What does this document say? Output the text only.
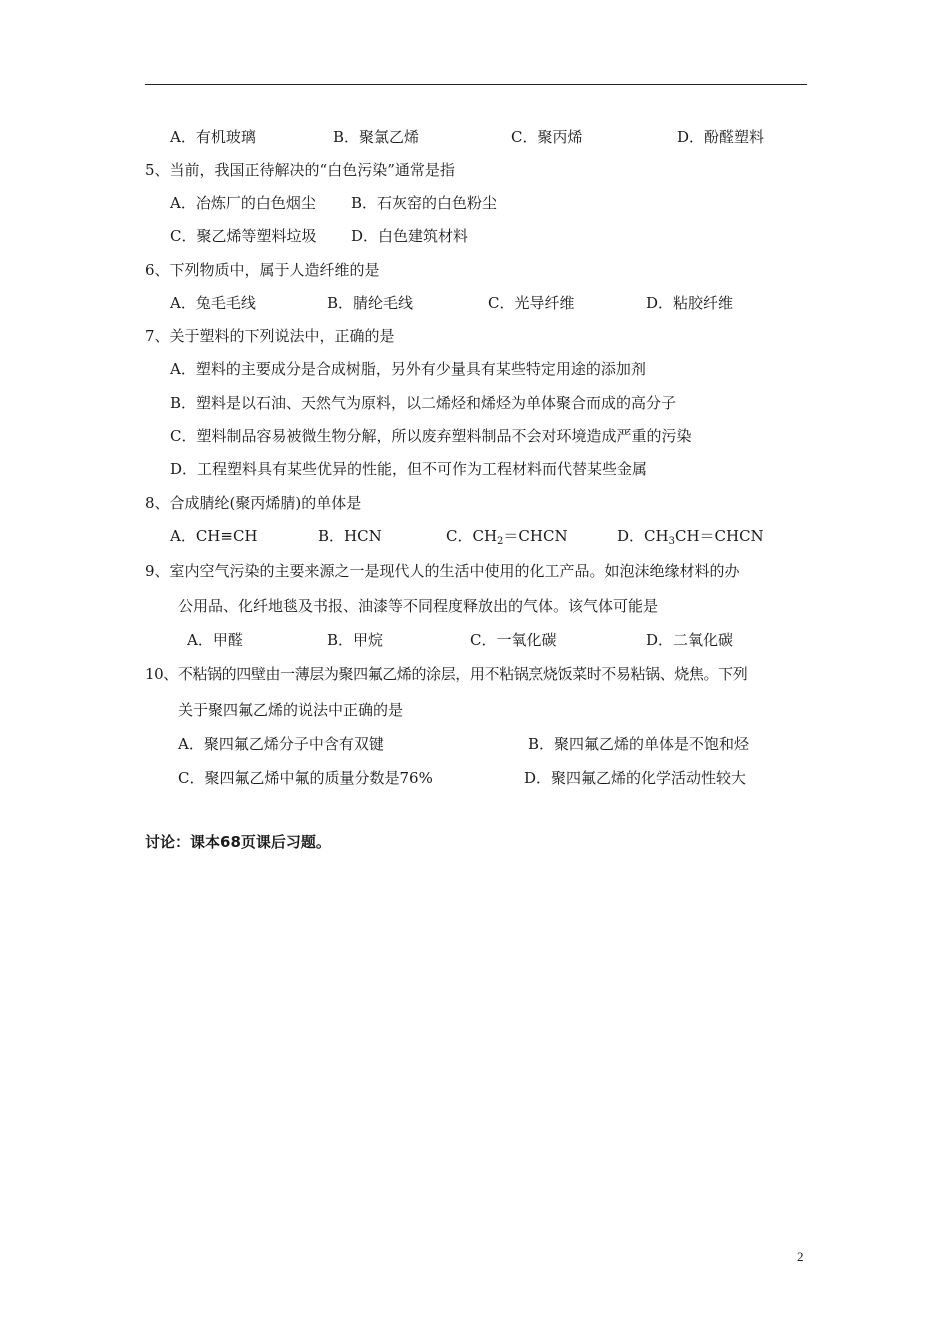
A．有机玻璃	B．聚氯乙烯	C．聚丙烯	D．酚醛塑料
5、当前，我国正待解决的“白色污染”通常是指
A．冶炼厂的白色烟尘 B．石灰窑的白色粉尘
C．聚乙烯等塑料垃圾 D．白色建筑材料
6、下列物质中，属于人造纤维的是
A．兔毛毛线	B．腈纶毛线	C．光导纤维	D．粘胶纤维
7、关于塑料的下列说法中，正确的是
A．塑料的主要成分是合成树脂，另外有少量具有某些特定用途的添加剂
B．塑料是以石油、天然气为原料，以二烯烃和烯烃为单体聚合而成的高分子
C．塑料制品容易被微生物分解，所以废弃塑料制品不会对环境造成严重的污染
D．工程塑料具有某些优异的性能，但不可作为工程材料而代替某些金属
8、合成腈纶(聚丙烯腈)的单体是
A．CH≡CH	B．HCN	C．$CH_2=CHCN$	D．$CH_3CH=CHCN$
9、室内空气污染的主要来源之一是现代人的生活中使用的化工产品。如泡沫绝缘材料的办
公用品、化纤地毯及书报、油漆等不同程度释放出的气体。该气体可能是
A．甲醛	B．甲烷	C．一氧化碳	D．二氧化碳
10、不粘锅的四壁由一薄层为聚四氟乙烯的涂层，用不粘锅烹烧饭菜时不易粘锅、烧焦。下列
关于聚四氟乙烯的说法中正确的是
A．聚四氟乙烯分子中含有双键	B．聚四氟乙烯的单体是不饱和烃
C．聚四氟乙烯中氟的质量分数是76%	D．聚四氟乙烯的化学活动性较大
讨论：课本68页课后习题。
2
